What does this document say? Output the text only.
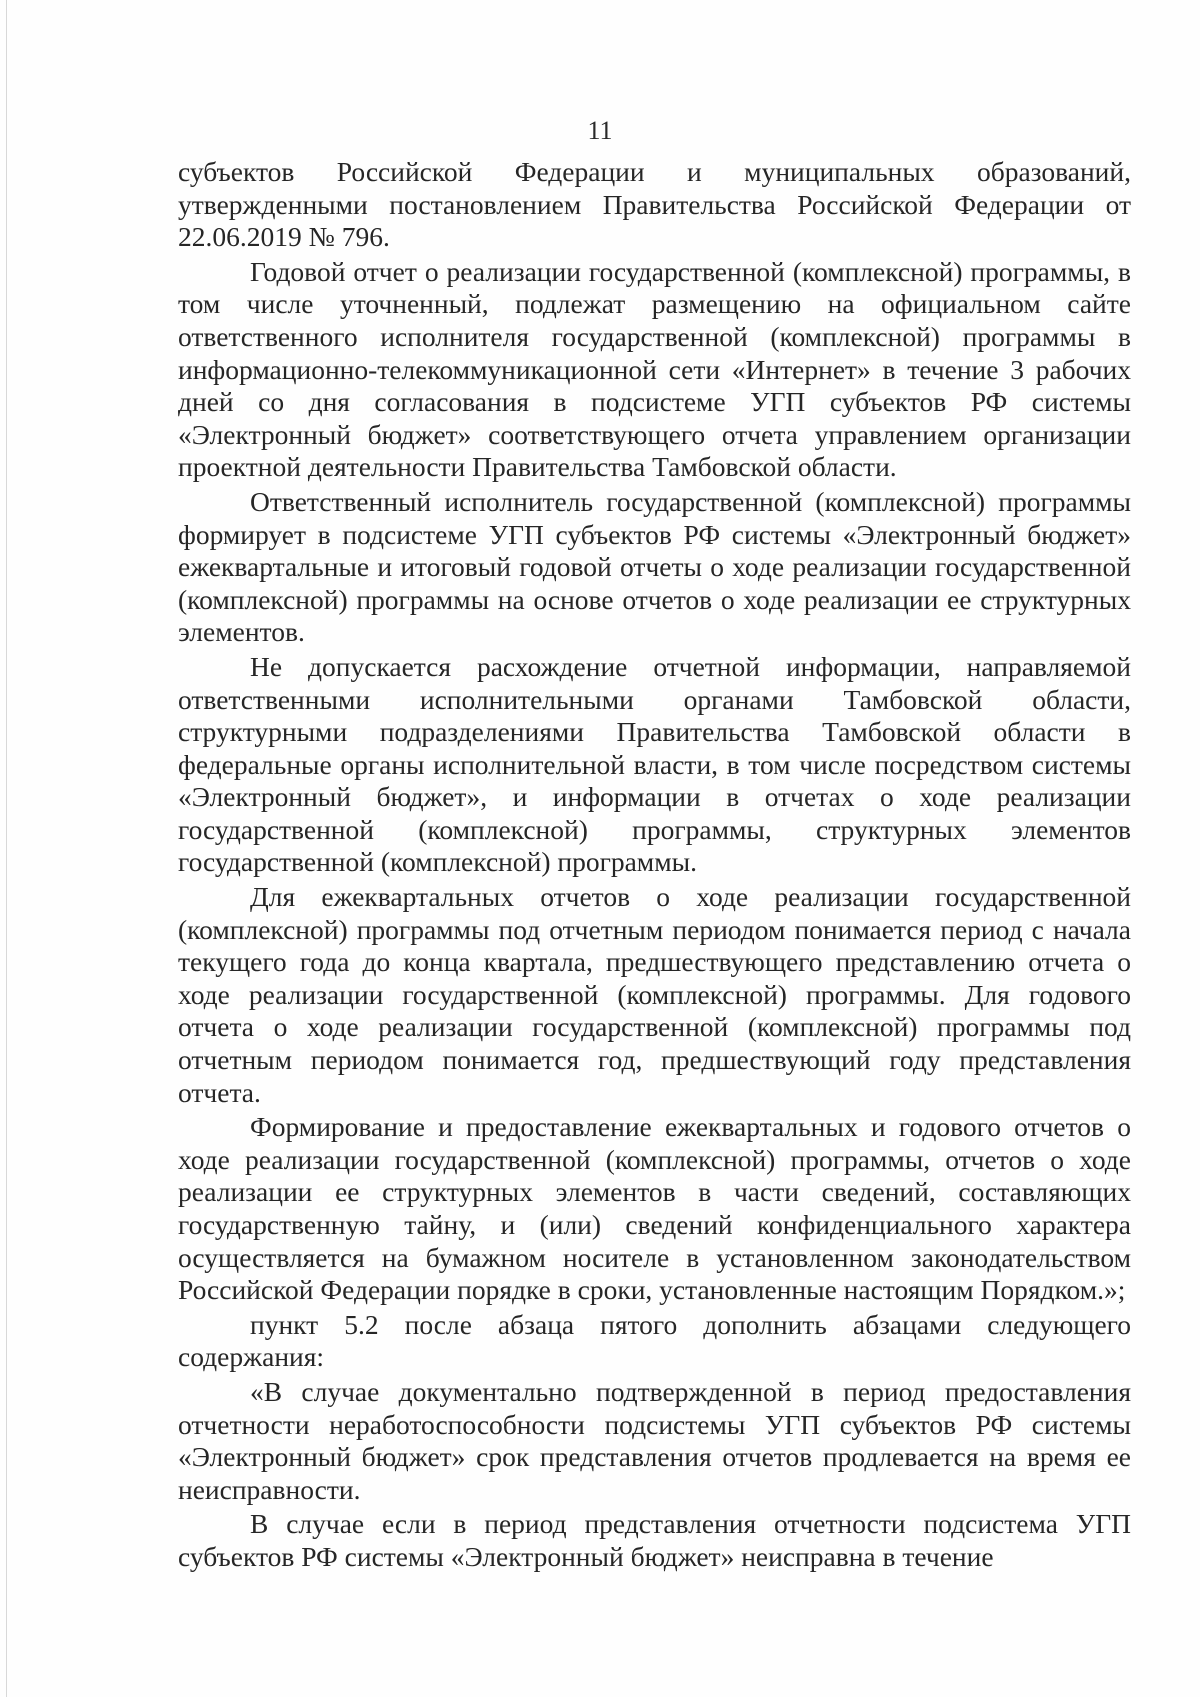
11

субъектов Российской Федерации и муниципальных образований, утвержденными постановлением Правительства Российской Федерации от 22.06.2019 № 796.

Годовой отчет о реализации государственной (комплексной) программы, в том числе уточненный, подлежат размещению на официальном сайте ответственного исполнителя государственной (комплексной) программы в информационно-телекоммуникационной сети «Интернет» в течение 3 рабочих дней со дня согласования в подсистеме УГП субъектов РФ системы «Электронный бюджет» соответствующего отчета управлением организации проектной деятельности Правительства Тамбовской области.

Ответственный исполнитель государственной (комплексной) программы формирует в подсистеме УГП субъектов РФ системы «Электронный бюджет» ежеквартальные и итоговый годовой отчеты о ходе реализации государственной (комплексной) программы на основе отчетов о ходе реализации ее структурных элементов.

Не допускается расхождение отчетной информации, направляемой ответственными исполнительными органами Тамбовской области, структурными подразделениями Правительства Тамбовской области в федеральные органы исполнительной власти, в том числе посредством системы «Электронный бюджет», и информации в отчетах о ходе реализации государственной (комплексной) программы, структурных элементов государственной (комплексной) программы.

Для ежеквартальных отчетов о ходе реализации государственной (комплексной) программы под отчетным периодом понимается период с начала текущего года до конца квартала, предшествующего представлению отчета о ходе реализации государственной (комплексной) программы. Для годового отчета о ходе реализации государственной (комплексной) программы под отчетным периодом понимается год, предшествующий году представления отчета.

Формирование и предоставление ежеквартальных и годового отчетов о ходе реализации государственной (комплексной) программы, отчетов о ходе реализации ее структурных элементов в части сведений, составляющих государственную тайну, и (или) сведений конфиденциального характера осуществляется на бумажном носителе в установленном законодательством Российской Федерации порядке в сроки, установленные настоящим Порядком.»;

пункт 5.2 после абзаца пятого дополнить абзацами следующего содержания:

«В случае документально подтвержденной в период предоставления отчетности неработоспособности подсистемы УГП субъектов РФ системы «Электронный бюджет» срок представления отчетов продлевается на время ее неисправности.

В случае если в период представления отчетности подсистема УГП субъектов РФ системы «Электронный бюджет» неисправна в течение
